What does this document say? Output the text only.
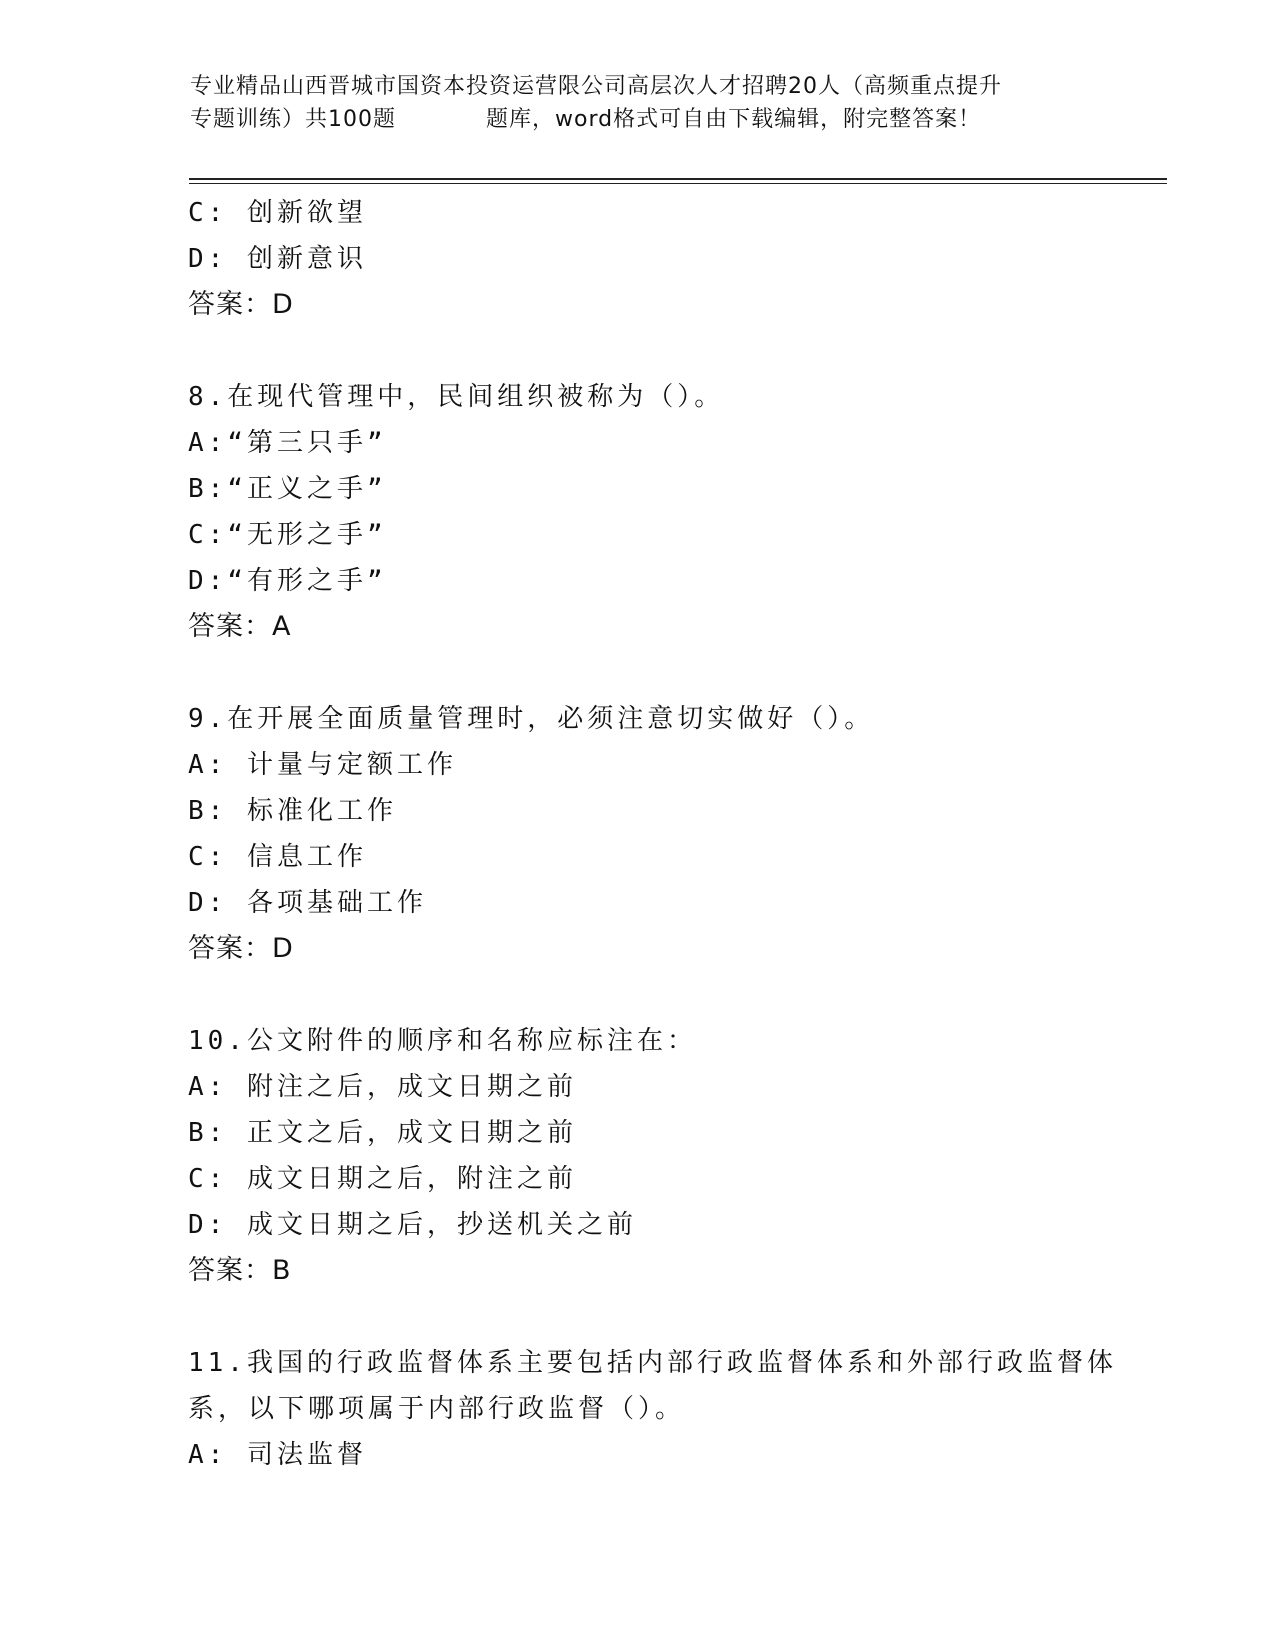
专业精品山西晋城市国资本投资运营限公司高层次人才招聘20人（高频重点提升
专题训练）共100题	题库，word格式可自由下载编辑，附完整答案！
C: 创新欲望
D: 创新意识
答案：D
8.在现代管理中，民间组织被称为（）。
A:“第三只手”
B:“正义之手”
C:“无形之手”
D:“有形之手”
答案：A
9.在开展全面质量管理时，必须注意切实做好（）。
A: 计量与定额工作
B: 标准化工作
C: 信息工作
D: 各项基础工作
答案：D
10.公文附件的顺序和名称应标注在：
A: 附注之后，成文日期之前
B: 正文之后，成文日期之前
C: 成文日期之后，附注之前
D: 成文日期之后，抄送机关之前
答案：B
11.我国的行政监督体系主要包括内部行政监督体系和外部行政监督体
系，以下哪项属于内部行政监督（）。
A: 司法监督
